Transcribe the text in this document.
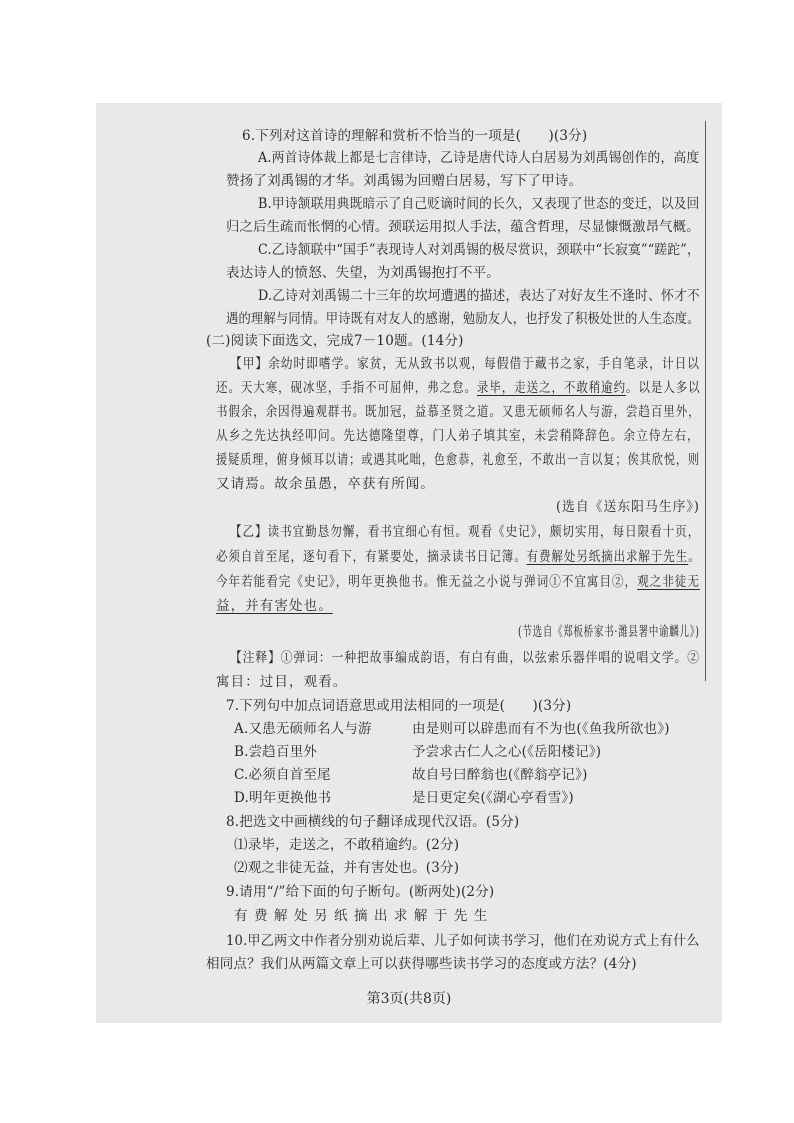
6.下列对这首诗的理解和赏析不恰当的一项是(　　)(3分)
A.两首诗体裁上都是七言律诗，乙诗是唐代诗人白居易为刘禹锡创作的，高度
赞扬了刘禹锡的才华。刘禹锡为回赠白居易，写下了甲诗。
B.甲诗颔联用典既暗示了自己贬谪时间的长久，又表现了世态的变迁，以及回
归之后生疏而怅惘的心情。颈联运用拟人手法，蕴含哲理，尽显慷慨激昂气概。
C.乙诗颔联中“国手”表现诗人对刘禹锡的极尽赏识，颈联中“长寂寞”“蹉跎”，
表达诗人的愤怒、失望，为刘禹锡抱打不平。
D.乙诗对刘禹锡二十三年的坎坷遭遇的描述，表达了对好友生不逢时、怀才不
遇的理解与同情。甲诗既有对友人的感谢，勉励友人，也抒发了积极处世的人生态度。
(二)阅读下面选文，完成7－10题。(14分)
【甲】余幼时即嗜学。家贫，无从致书以观，每假借于藏书之家，手自笔录，计日以
还。天大寒，砚冰坚，手指不可屈伸，弗之怠。录毕，走送之，不敢稍逾约。以是人多以
书假余，余因得遍观群书。既加冠，益慕圣贤之道。又患无硕师名人与游，尝趋百里外，
从乡之先达执经叩问。先达德隆望尊，门人弟子填其室，未尝稍降辞色。余立侍左右，
援疑质理，俯身倾耳以请；或遇其叱咄，色愈恭，礼愈至，不敢出一言以复；俟其欣悦，则
又请焉。故余虽愚，卒获有所闻。

(选自《送东阳马生序》)
【乙】读书宜勤恳勿懈，看书宜细心有恒。观看《史记》，颇切实用，每日限看十页，
必须自首至尾，逐句看下，有紧要处，摘录读书日记簿。有费解处另纸摘出求解于先生。
今年若能看完《史记》，明年更换他书。惟无益之小说与弹词①不宜寓目②，观之非徒无
益，并有害处也。
(节选自《郑板桥家书·潍县署中谕麟儿》)
【注释】①弹词：一种把故事编成韵语，有白有曲，以弦索乐器伴唱的说唱文学。②
寓目：过目，观看。
7.下列句中加点词语意思或用法相同的一项是(　　)(3分)
A.又患无硕师名人与游	由是则可以辟患而有不为也(《鱼我所欲也》)
B.尝趋百里外	予尝求古仁人之心(《岳阳楼记》)
C.必须自首至尾	故自号曰醉翁也(《醉翁亭记》)
D.明年更换他书	是日更定矣(《湖心亭看雪》)
8.把选文中画横线的句子翻译成现代汉语。(5分)
⑴录毕，走送之，不敢稍逾约。(2分)
⑵观之非徒无益，并有害处也。(3分)
9.请用“/”给下面的句子断句。(断两处)(2分)
有 费 解 处 另 纸 摘 出 求 解 于 先 生
10.甲乙两文中作者分别劝说后辈、儿子如何读书学习，他们在劝说方式上有什么
相同点？我们从两篇文章上可以获得哪些读书学习的态度或方法？(4分)
第3页(共8页)
